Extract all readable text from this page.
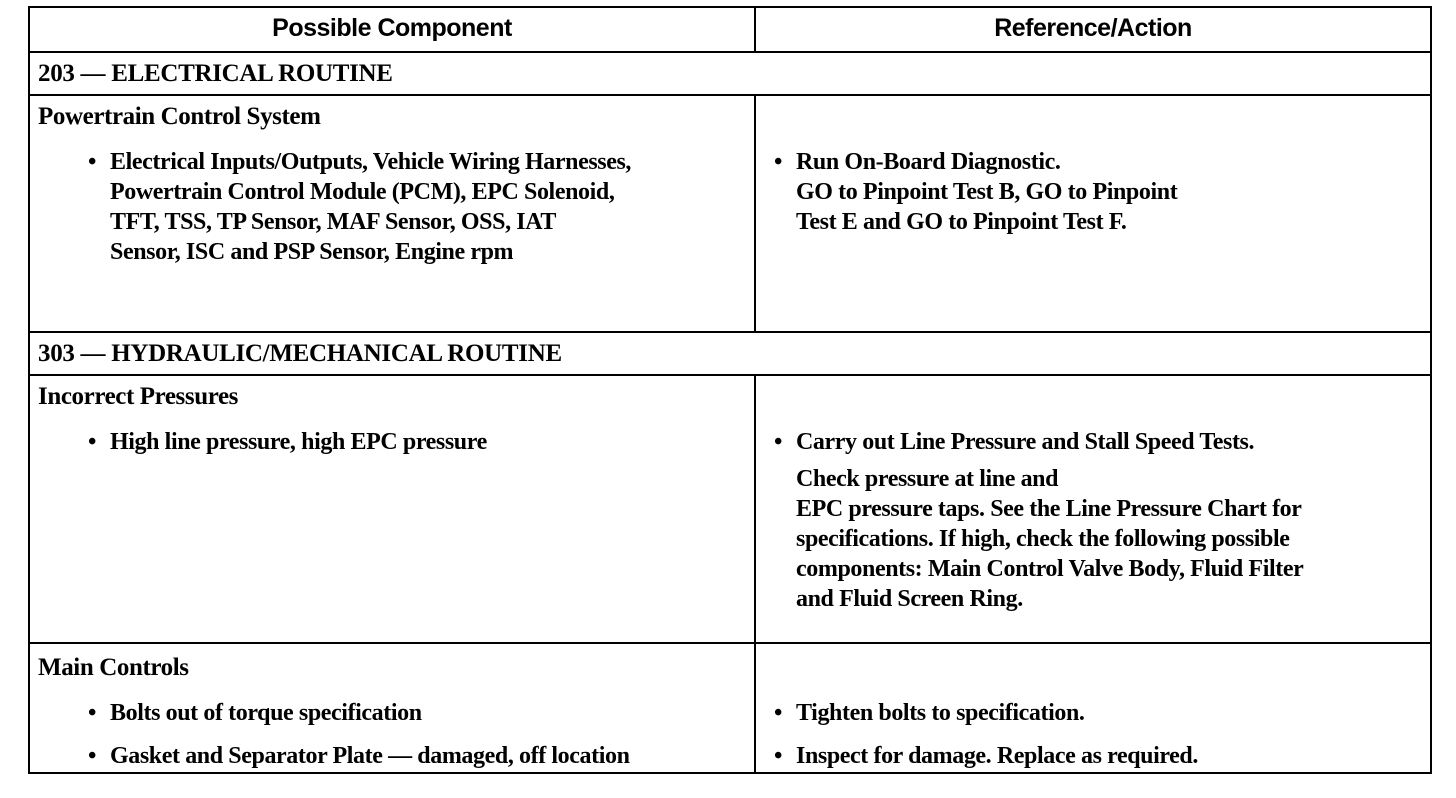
Possible Component	Reference/Action
203 — ELECTRICAL ROUTINE
Powertrain Control System
• Electrical Inputs/Outputs, Vehicle Wiring Harnesses,
Powertrain Control Module (PCM), EPC Solenoid,
TFT, TSS, TP Sensor, MAF Sensor, OSS, IAT
Sensor, ISC and PSP Sensor, Engine rpm
• Run On-Board Diagnostic.
GO to Pinpoint Test B, GO to Pinpoint
Test E and GO to Pinpoint Test F.
303 — HYDRAULIC/MECHANICAL ROUTINE
Incorrect Pressures
• High line pressure, high EPC pressure	• Carry out Line Pressure and Stall Speed Tests.
Check pressure at line and
EPC pressure taps. See the Line Pressure Chart for
specifications. If high, check the following possible
components: Main Control Valve Body, Fluid Filter
and Fluid Screen Ring.
Main Controls
• Bolts out of torque specification
• Gasket and Separator Plate — damaged, off location
• Tighten bolts to specification.
• Inspect for damage. Replace as required.
